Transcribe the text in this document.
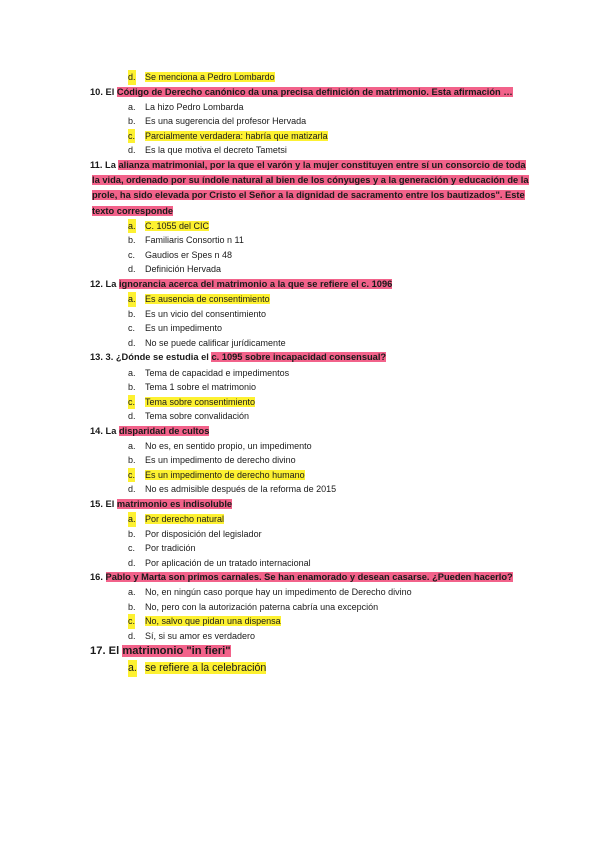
d. Se menciona a Pedro Lombardo
10. El Código de Derecho canónico da una precisa definición de matrimonio. Esta afirmación …
a. La hizo Pedro Lombarda
b. Es una sugerencia del profesor Hervada
c. Parcialmente verdadera: habría que matizarla
d. Es la que motiva el decreto Tametsi
11. La alianza matrimonial, por la que el varón y la mujer constituyen entre sí un consorcio de toda la vida, ordenado por su índole natural al bien de los cónyuges y a la generación y educación de la prole, ha sido elevada por Cristo el Señor a la dignidad de sacramento entre los bautizados". Este texto corresponde
a. C. 1055 del CIC
b. Familiaris Consortio n 11
c. Gaudios er Spes n 48
d. Definición Hervada
12. La ignorancia acerca del matrimonio a la que se refiere el c. 1096
a. Es ausencia de consentimiento
b. Es un vicio del consentimiento
c. Es un impedimento
d. No se puede calificar jurídicamente
13. 3. ¿Dónde se estudia el c. 1095 sobre incapacidad consensual?
a. Tema de capacidad e impedimentos
b. Tema 1 sobre el matrimonio
c. Tema sobre consentimiento
d. Tema sobre convalidación
14. La disparidad de cultos
a. No es, en sentido propio, un impedimento
b. Es un impedimento de derecho divino
c. Es un impedimento de derecho humano
d. No es admisible después de la reforma de 2015
15. El matrimonio es indisoluble
a. Por derecho natural
b. Por disposición del legislador
c. Por tradición
d. Por aplicación de un tratado internacional
16. Pablo y Marta son primos carnales. Se han enamorado y desean casarse. ¿Pueden hacerlo?
a. No, en ningún caso porque hay un impedimento de Derecho divino
b. No, pero con la autorización paterna cabría una excepción
c. No, salvo que pidan una dispensa
d. Sí, si su amor es verdadero
17. El matrimonio "in fieri"
a. se refiere a la celebración
